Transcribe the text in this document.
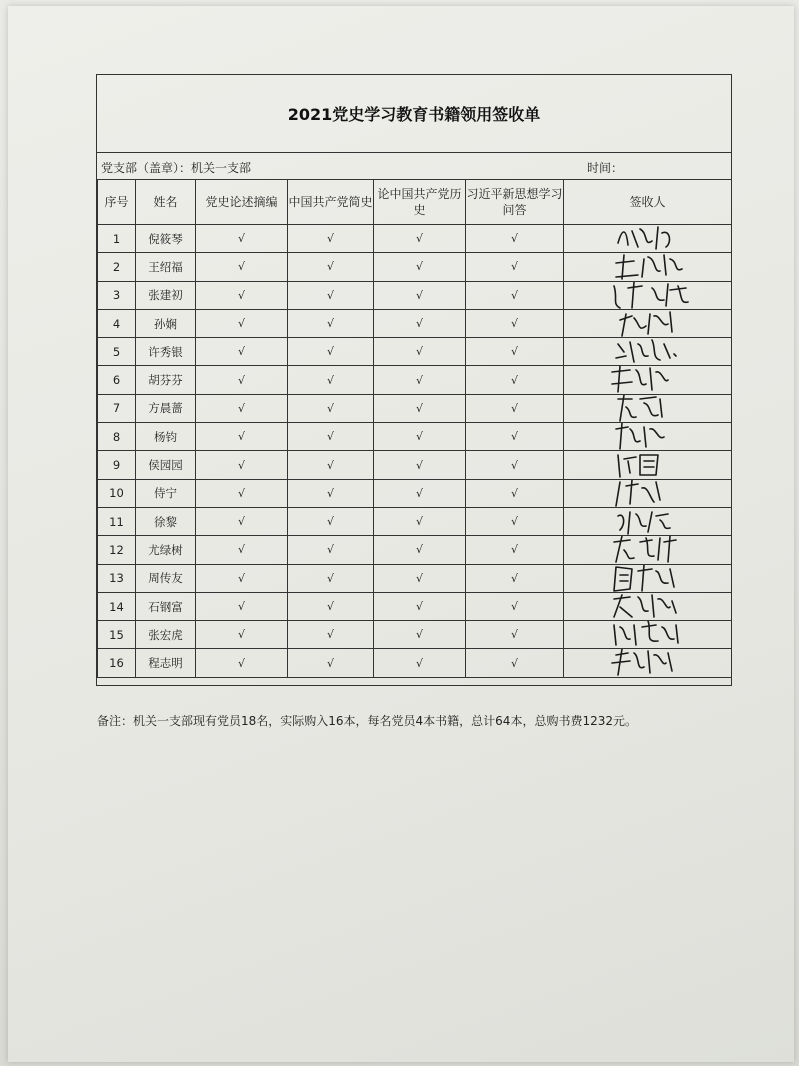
2021党史学习教育书籍领用签收单
党支部（盖章）：机关一支部	时间：
序号	姓名	党史论述摘编	中国共产党简史	论中国共产党历史	习近平新思想学习问答	签收人
1	倪筱琴	√	√	√	√	

2	王绍福	√	√	√	√	

3	张建初	√	√	√	√	

4	孙娴	√	√	√	√	

5	许秀银	√	√	√	√	

6	胡芬芬	√	√	√	√	

7	方晨蔷	√	√	√	√	

8	杨钧	√	√	√	√	

9	侯园园	√	√	√	√	

10	侍宁	√	√	√	√	

11	徐黎	√	√	√	√	

12	尤绿树	√	√	√	√	

13	周传友	√	√	√	√	

14	石钢富	√	√	√	√	

15	张宏虎	√	√	√	√	

16	程志明	√	√	√	√	
备注：机关一支部现有党员18名，实际购入16本，每名党员4本书籍，总计64本，总购书费1232元。
